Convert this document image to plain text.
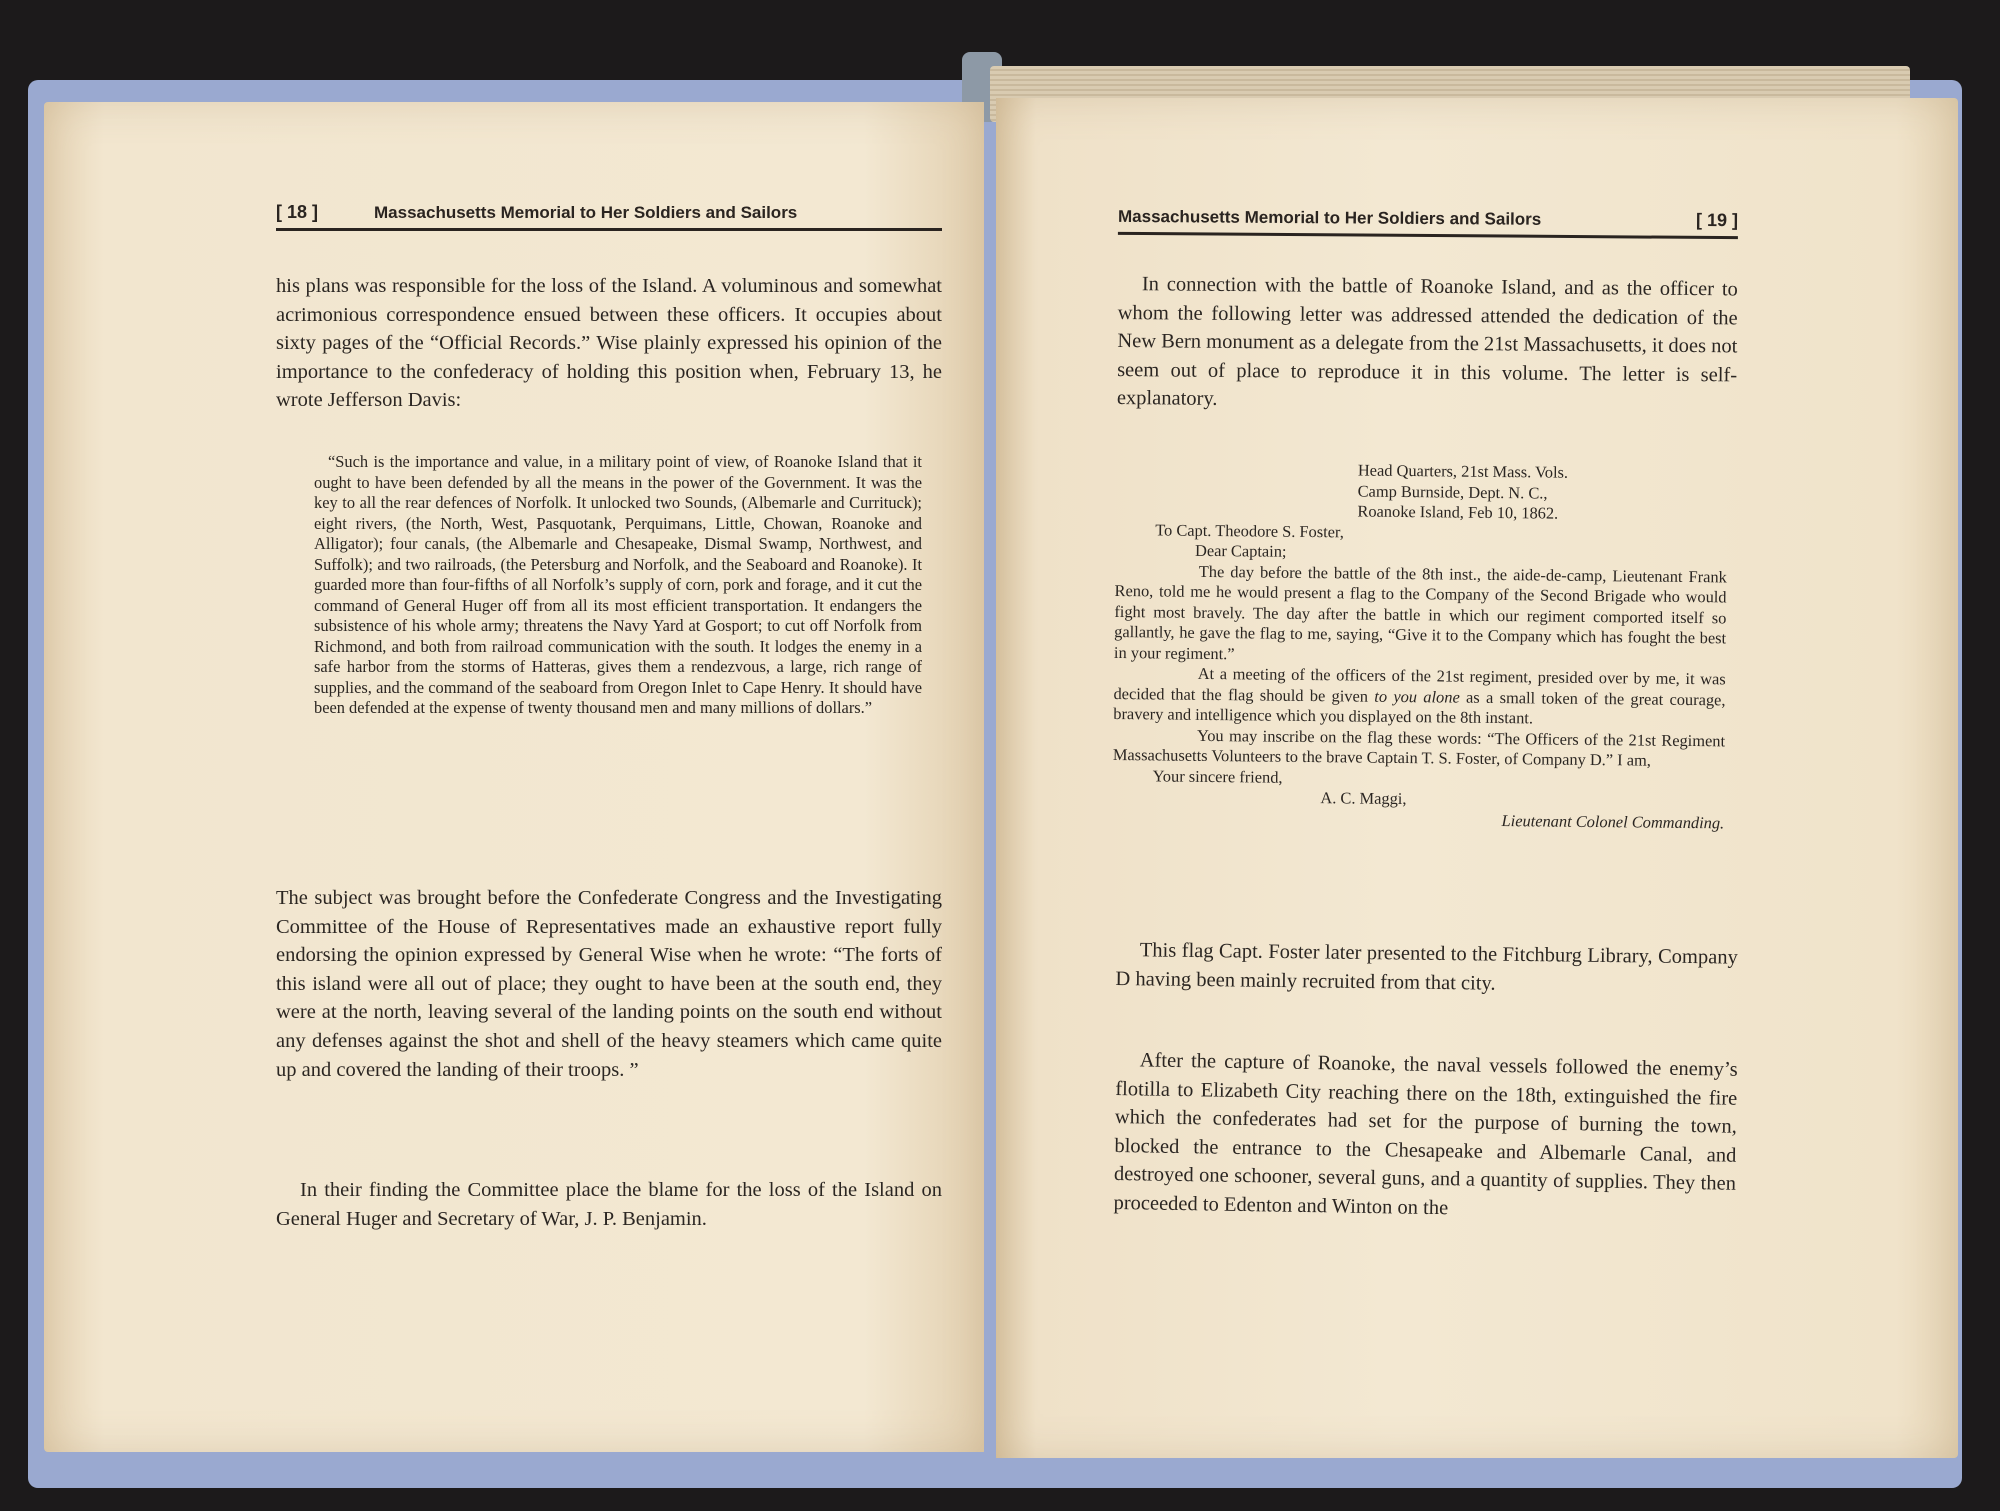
[ 18 ]	Massachusetts Memorial to Her Soldiers and Sailors

his plans was responsible for the loss of the Island. A voluminous and somewhat acrimonious correspondence ensued between these officers. It occupies about sixty pages of the “Official Records.” Wise plainly expressed his opinion of the importance to the confederacy of holding this position when, February 13, he wrote Jefferson Davis:

“Such is the importance and value, in a military point of view, of Roanoke Island that it ought to have been defended by all the means in the power of the Government. It was the key to all the rear defences of Norfolk. It unlocked two Sounds, (Albemarle and Currituck); eight rivers, (the North, West, Pasquotank, Perquimans, Little, Chowan, Roanoke and Alligator); four canals, (the Albemarle and Chesapeake, Dismal Swamp, Northwest, and Suffolk); and two railroads, (the Petersburg and Norfolk, and the Seaboard and Roanoke). It guarded more than four-fifths of all Norfolk’s supply of corn, pork and forage, and it cut the command of General Huger off from all its most efficient transportation. It endangers the subsistence of his whole army; threatens the Navy Yard at Gosport; to cut off Norfolk from Richmond, and both from railroad communication with the south. It lodges the enemy in a safe harbor from the storms of Hatteras, gives them a rendezvous, a large, rich range of supplies, and the command of the seaboard from Oregon Inlet to Cape Henry. It should have been defended at the expense of twenty thousand men and many millions of dollars.”

The subject was brought before the Confederate Congress and the Investigating Committee of the House of Representatives made an exhaustive report fully endorsing the opinion expressed by General Wise when he wrote: “The forts of this island were all out of place; they ought to have been at the south end, they were at the north, leaving several of the landing points on the south end without any defenses against the shot and shell of the heavy steamers which came quite up and covered the landing of their troops. ”

In their finding the Committee place the blame for the loss of the Island on General Huger and Secretary of War, J. P. Benjamin.

Massachusetts Memorial to Her Soldiers and Sailors	[ 19 ]

In connection with the battle of Roanoke Island, and as the officer to whom the following letter was addressed attended the dedication of the New Bern monument as a delegate from the 21st Massachusetts, it does not seem out of place to reproduce it in this volume. The letter is self-explanatory.

Head Quarters, 21st Mass. Vols.
Camp Burnside, Dept. N. C.,
Roanoke Island, Feb 10, 1862.
To Capt. Theodore S. Foster,
Dear Captain;

The day before the battle of the 8th inst., the aide-de-camp, Lieutenant Frank Reno, told me he would present a flag to the Company of the Second Brigade who would fight most bravely. The day after the battle in which our regiment comported itself so gallantly, he gave the flag to me, saying, “Give it to the Company which has fought the best in your regiment.”

At a meeting of the officers of the 21st regiment, presided over by me, it was decided that the flag should be given to you alone as a small token of the great courage, bravery and intelligence which you displayed on the 8th instant.

You may inscribe on the flag these words: “The Officers of the 21st Regiment Massachusetts Volunteers to the brave Captain T. S. Foster, of Company D.” I am,

Your sincere friend,
A. C. Maggi,
Lieutenant Colonel Commanding.

This flag Capt. Foster later presented to the Fitchburg Library, Company D having been mainly recruited from that city.

After the capture of Roanoke, the naval vessels followed the enemy’s flotilla to Elizabeth City reaching there on the 18th, extinguished the fire which the confederates had set for the purpose of burning the town, blocked the entrance to the Chesapeake and Albemarle Canal, and destroyed one schooner, several guns, and a quantity of supplies. They then proceeded to Edenton and Winton on the
